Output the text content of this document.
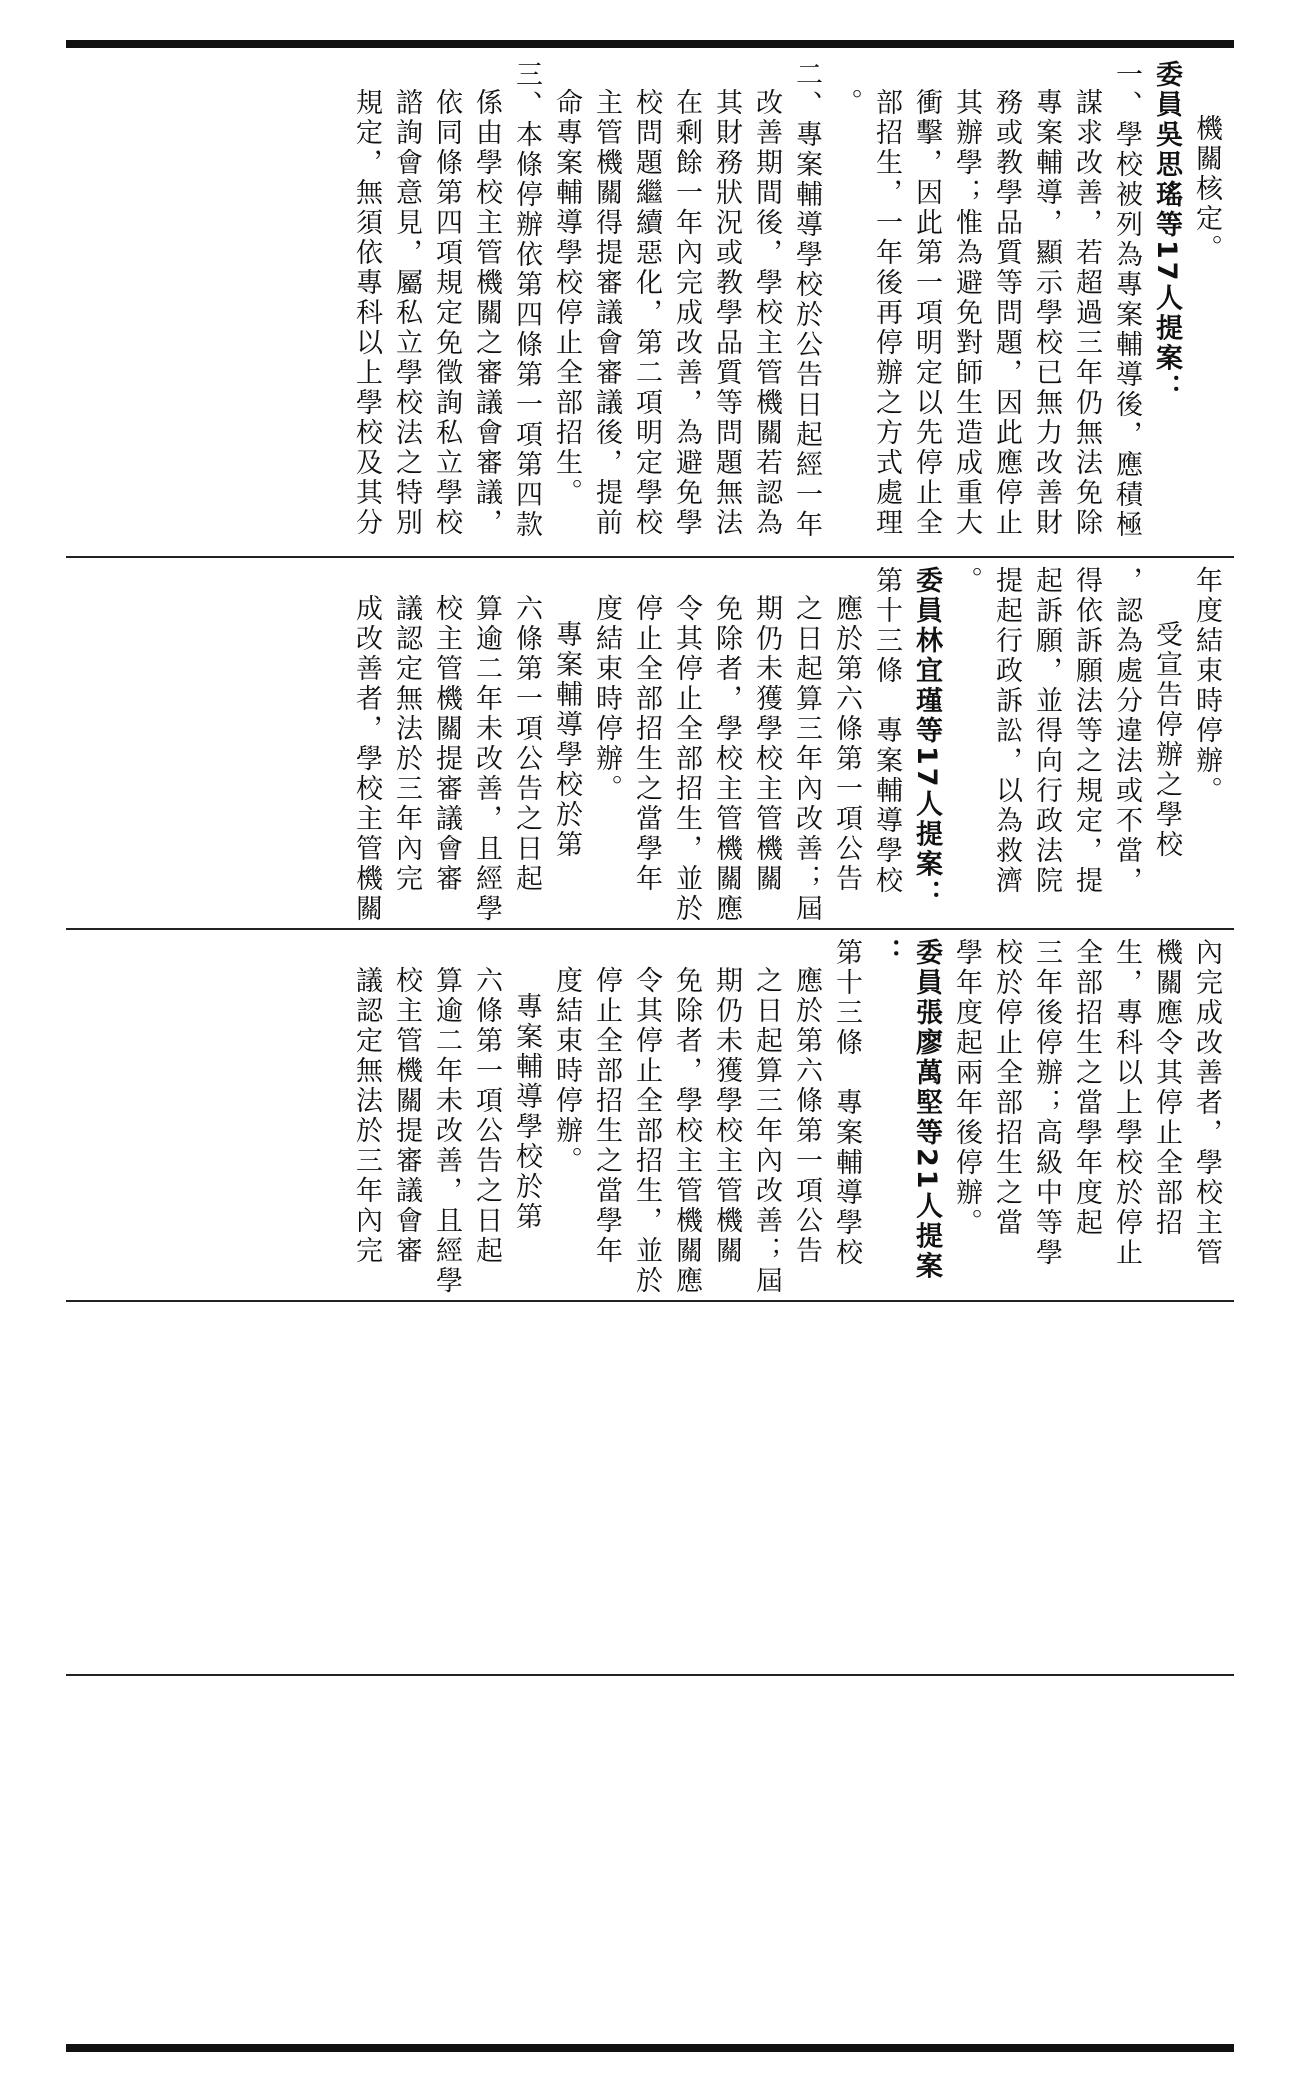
機關核定。
委員吳思瑤等17人提案：
一、學校被列為專案輔導後，應積極
謀求改善，若超過三年仍無法免除
專案輔導，顯示學校已無力改善財
務或教學品質等問題，因此應停止
其辦學；惟為避免對師生造成重大
衝擊，因此第一項明定以先停止全
部招生，一年後再停辦之方式處理
。
二、專案輔導學校於公告日起經一年
改善期間後，學校主管機關若認為
其財務狀況或教學品質等問題無法
在剩餘一年內完成改善，為避免學
校問題繼續惡化，第二項明定學校
主管機關得提審議會審議後，提前
命專案輔導學校停止全部招生。
三、本條停辦依第四條第一項第四款
係由學校主管機關之審議會審議，
依同條第四項規定免徵詢私立學校
諮詢會意見，屬私立學校法之特別
規定，無須依專科以上學校及其分
年度結束時停辦。
受宣告停辦之學校
，認為處分違法或不當，
得依訴願法等之規定，提
起訴願，並得向行政法院
提起行政訴訟，以為救濟
。
委員林宜瑾等17人提案：
第十三條　專案輔導學校
應於第六條第一項公告
之日起算三年內改善；屆
期仍未獲學校主管機關
免除者，學校主管機關應
令其停止全部招生，並於
停止全部招生之當學年
度結束時停辦。
專案輔導學校於第
六條第一項公告之日起
算逾二年未改善，且經學
校主管機關提審議會審
議認定無法於三年內完
成改善者，學校主管機關
內完成改善者，學校主管
機關應令其停止全部招
生，專科以上學校於停止
全部招生之當學年度起
三年後停辦；高級中等學
校於停止全部招生之當
學年度起兩年後停辦。
委員張廖萬堅等21人提案
：
第十三條　專案輔導學校
應於第六條第一項公告
之日起算三年內改善；屆
期仍未獲學校主管機關
免除者，學校主管機關應
令其停止全部招生，並於
停止全部招生之當學年
度結束時停辦。
專案輔導學校於第
六條第一項公告之日起
算逾二年未改善，且經學
校主管機關提審議會審
議認定無法於三年內完
